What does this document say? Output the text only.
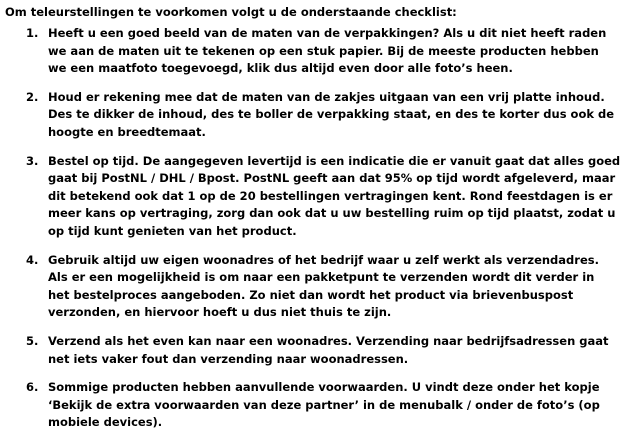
Om teleurstellingen te voorkomen volgt u de onderstaande checklist:

1. Heeft u een goed beeld van de maten van de verpakkingen? Als u dit niet heeft raden
we aan de maten uit te tekenen op een stuk papier. Bij de meeste producten hebben
we een maatfoto toegevoegd, klik dus altijd even door alle foto’s heen.
2. Houd er rekening mee dat de maten van de zakjes uitgaan van een vrij platte inhoud.
Des te dikker de inhoud, des te boller de verpakking staat, en des te korter dus ook de
hoogte en breedtemaat.
3. Bestel op tijd. De aangegeven levertijd is een indicatie die er vanuit gaat dat alles goed
gaat bij PostNL / DHL / Bpost. PostNL geeft aan dat 95% op tijd wordt afgeleverd, maar
dit betekend ook dat 1 op de 20 bestellingen vertragingen kent. Rond feestdagen is er
meer kans op vertraging, zorg dan ook dat u uw bestelling ruim op tijd plaatst, zodat u
op tijd kunt genieten van het product.
4. Gebruik altijd uw eigen woonadres of het bedrijf waar u zelf werkt als verzendadres.
Als er een mogelijkheid is om naar een pakketpunt te verzenden wordt dit verder in
het bestelproces aangeboden. Zo niet dan wordt het product via brievenbuspost
verzonden, en hiervoor hoeft u dus niet thuis te zijn.
5. Verzend als het even kan naar een woonadres. Verzending naar bedrijfsadressen gaat
net iets vaker fout dan verzending naar woonadressen.
6. Sommige producten hebben aanvullende voorwaarden. U vindt deze onder het kopje
‘Bekijk de extra voorwaarden van deze partner’ in de menubalk / onder de foto’s (op
mobiele devices).
